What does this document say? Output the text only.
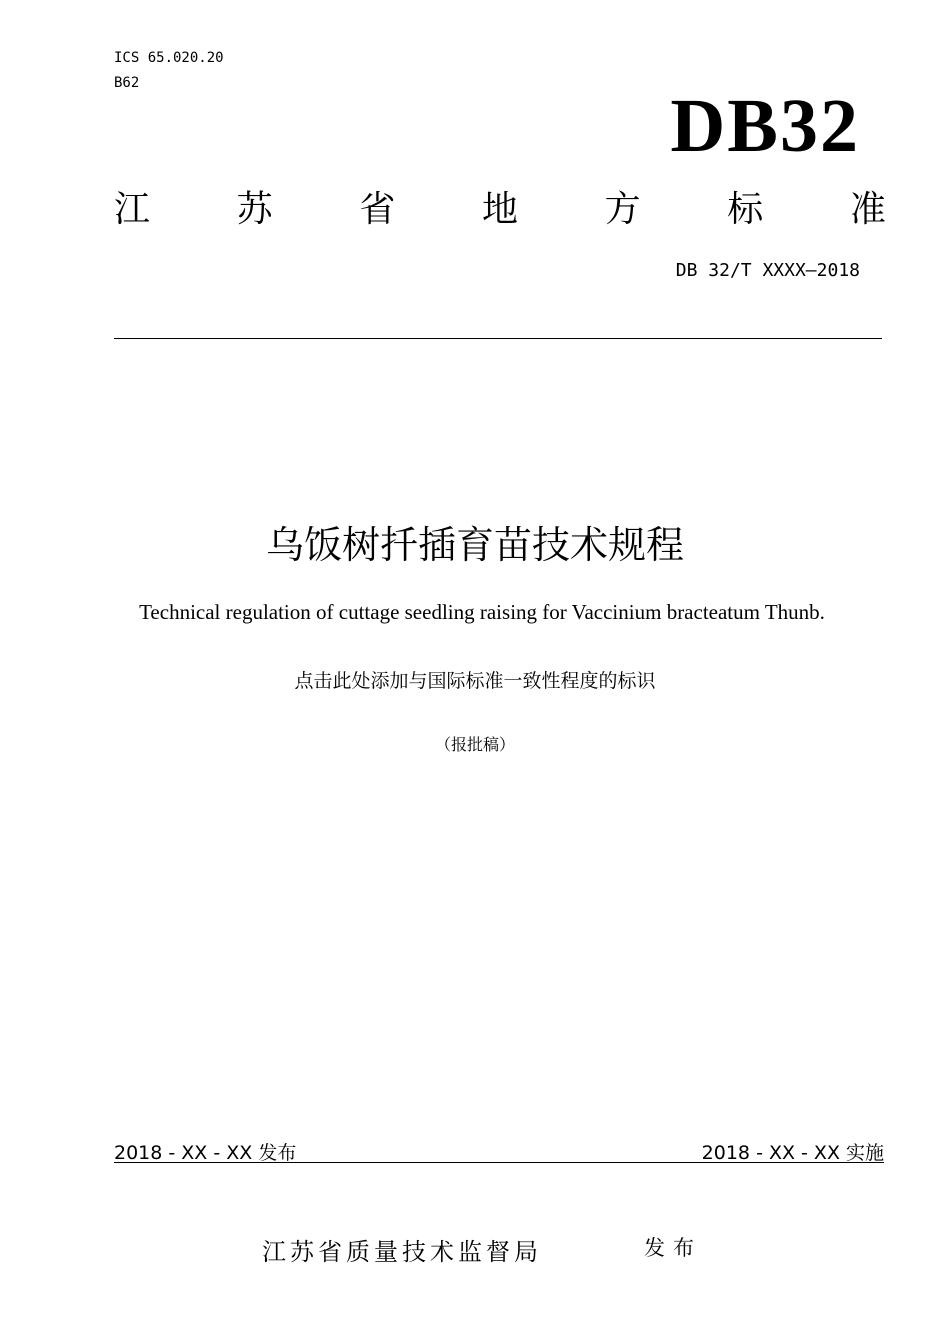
ICS 65.020.20
B62
DB32
江 苏 省 地 方 标 准
DB 32/T XXXX—2018
乌饭树扦插育苗技术规程
Technical regulation of cuttage seedling raising for Vaccinium bracteatum Thunb.
点击此处添加与国际标准一致性程度的标识
（报批稿）
2018 - XX - XX 发布	2018 - XX - XX 实施
江苏省质量技术监督局	发布
